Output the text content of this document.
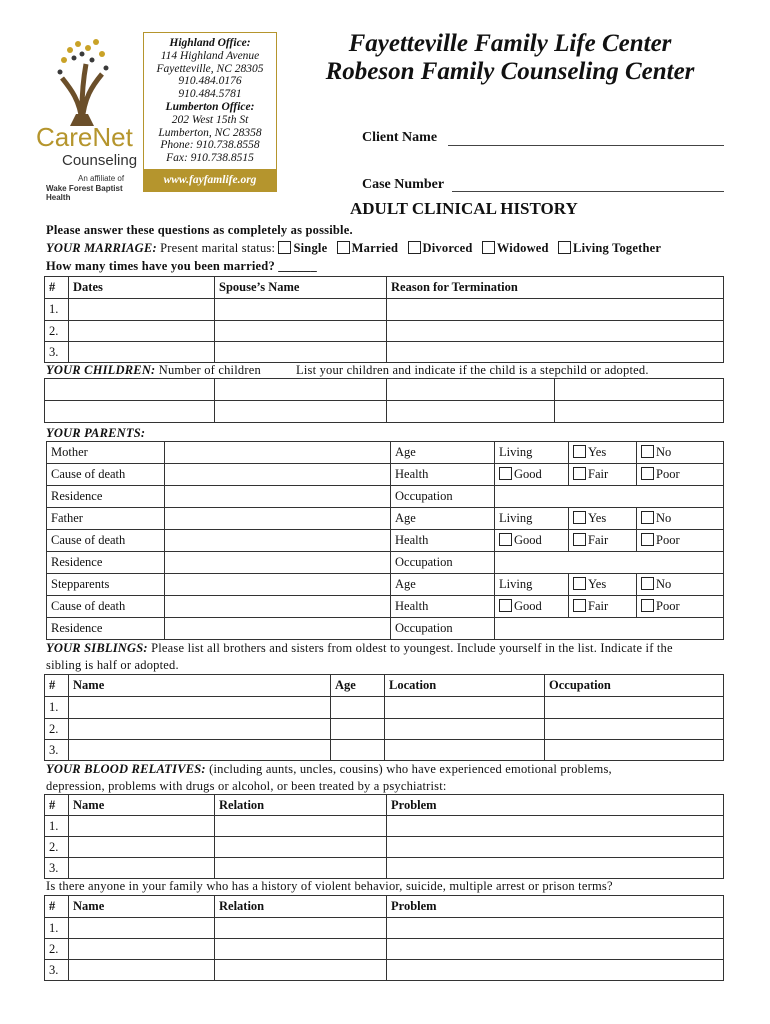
CareNet
Counseling
An affiliate of
Wake Forest Baptist Health
Highland Office:
114 Highland Avenue
Fayetteville, NC 28305
910.484.0176
910.484.5781
Lumberton Office:
202 West 15th St
Lumberton, NC 28358
Phone: 910.738.8558
Fax: 910.738.8515
www.fayfamlife.org
Fayetteville Family Life Center
Robeson Family Counseling Center
Client Name
Case Number
ADULT CLINICAL HISTORY
Please answer these questions as completely as possible.
YOUR MARRIAGE: Present marital status: Single Married Divorced Widowed Living Together
How many times have you been married? ______
#	Dates	Spouse’s Name	Reason for Termination
1.			
2.			
3.			
YOUR CHILDREN: Number of children	List your children and indicate if the child is a stepchild or adopted.

YOUR PARENTS:
Mother		Age	Living	Yes	No
Cause of death		Health	Good	Fair	Poor
Residence		Occupation			
Father		Age	Living	Yes	No
Cause of death		Health	Good	Fair	Poor
Residence		Occupation			
Stepparents		Age	Living	Yes	No
Cause of death		Health	Good	Fair	Poor
Residence		Occupation			
YOUR SIBLINGS: Please list all brothers and sisters from oldest to youngest. Include yourself in the list. Indicate if the
sibling is half or adopted.
#	Name	Age	Location	Occupation
1.				
2.				
3.				
YOUR BLOOD RELATIVES: (including aunts, uncles, cousins) who have experienced emotional problems,
depression, problems with drugs or alcohol, or been treated by a psychiatrist:
#	Name	Relation	Problem
1.			
2.			
3.			
Is there anyone in your family who has a history of violent behavior, suicide, multiple arrest or prison terms?
#	Name	Relation	Problem
1.			
2.			
3.			
